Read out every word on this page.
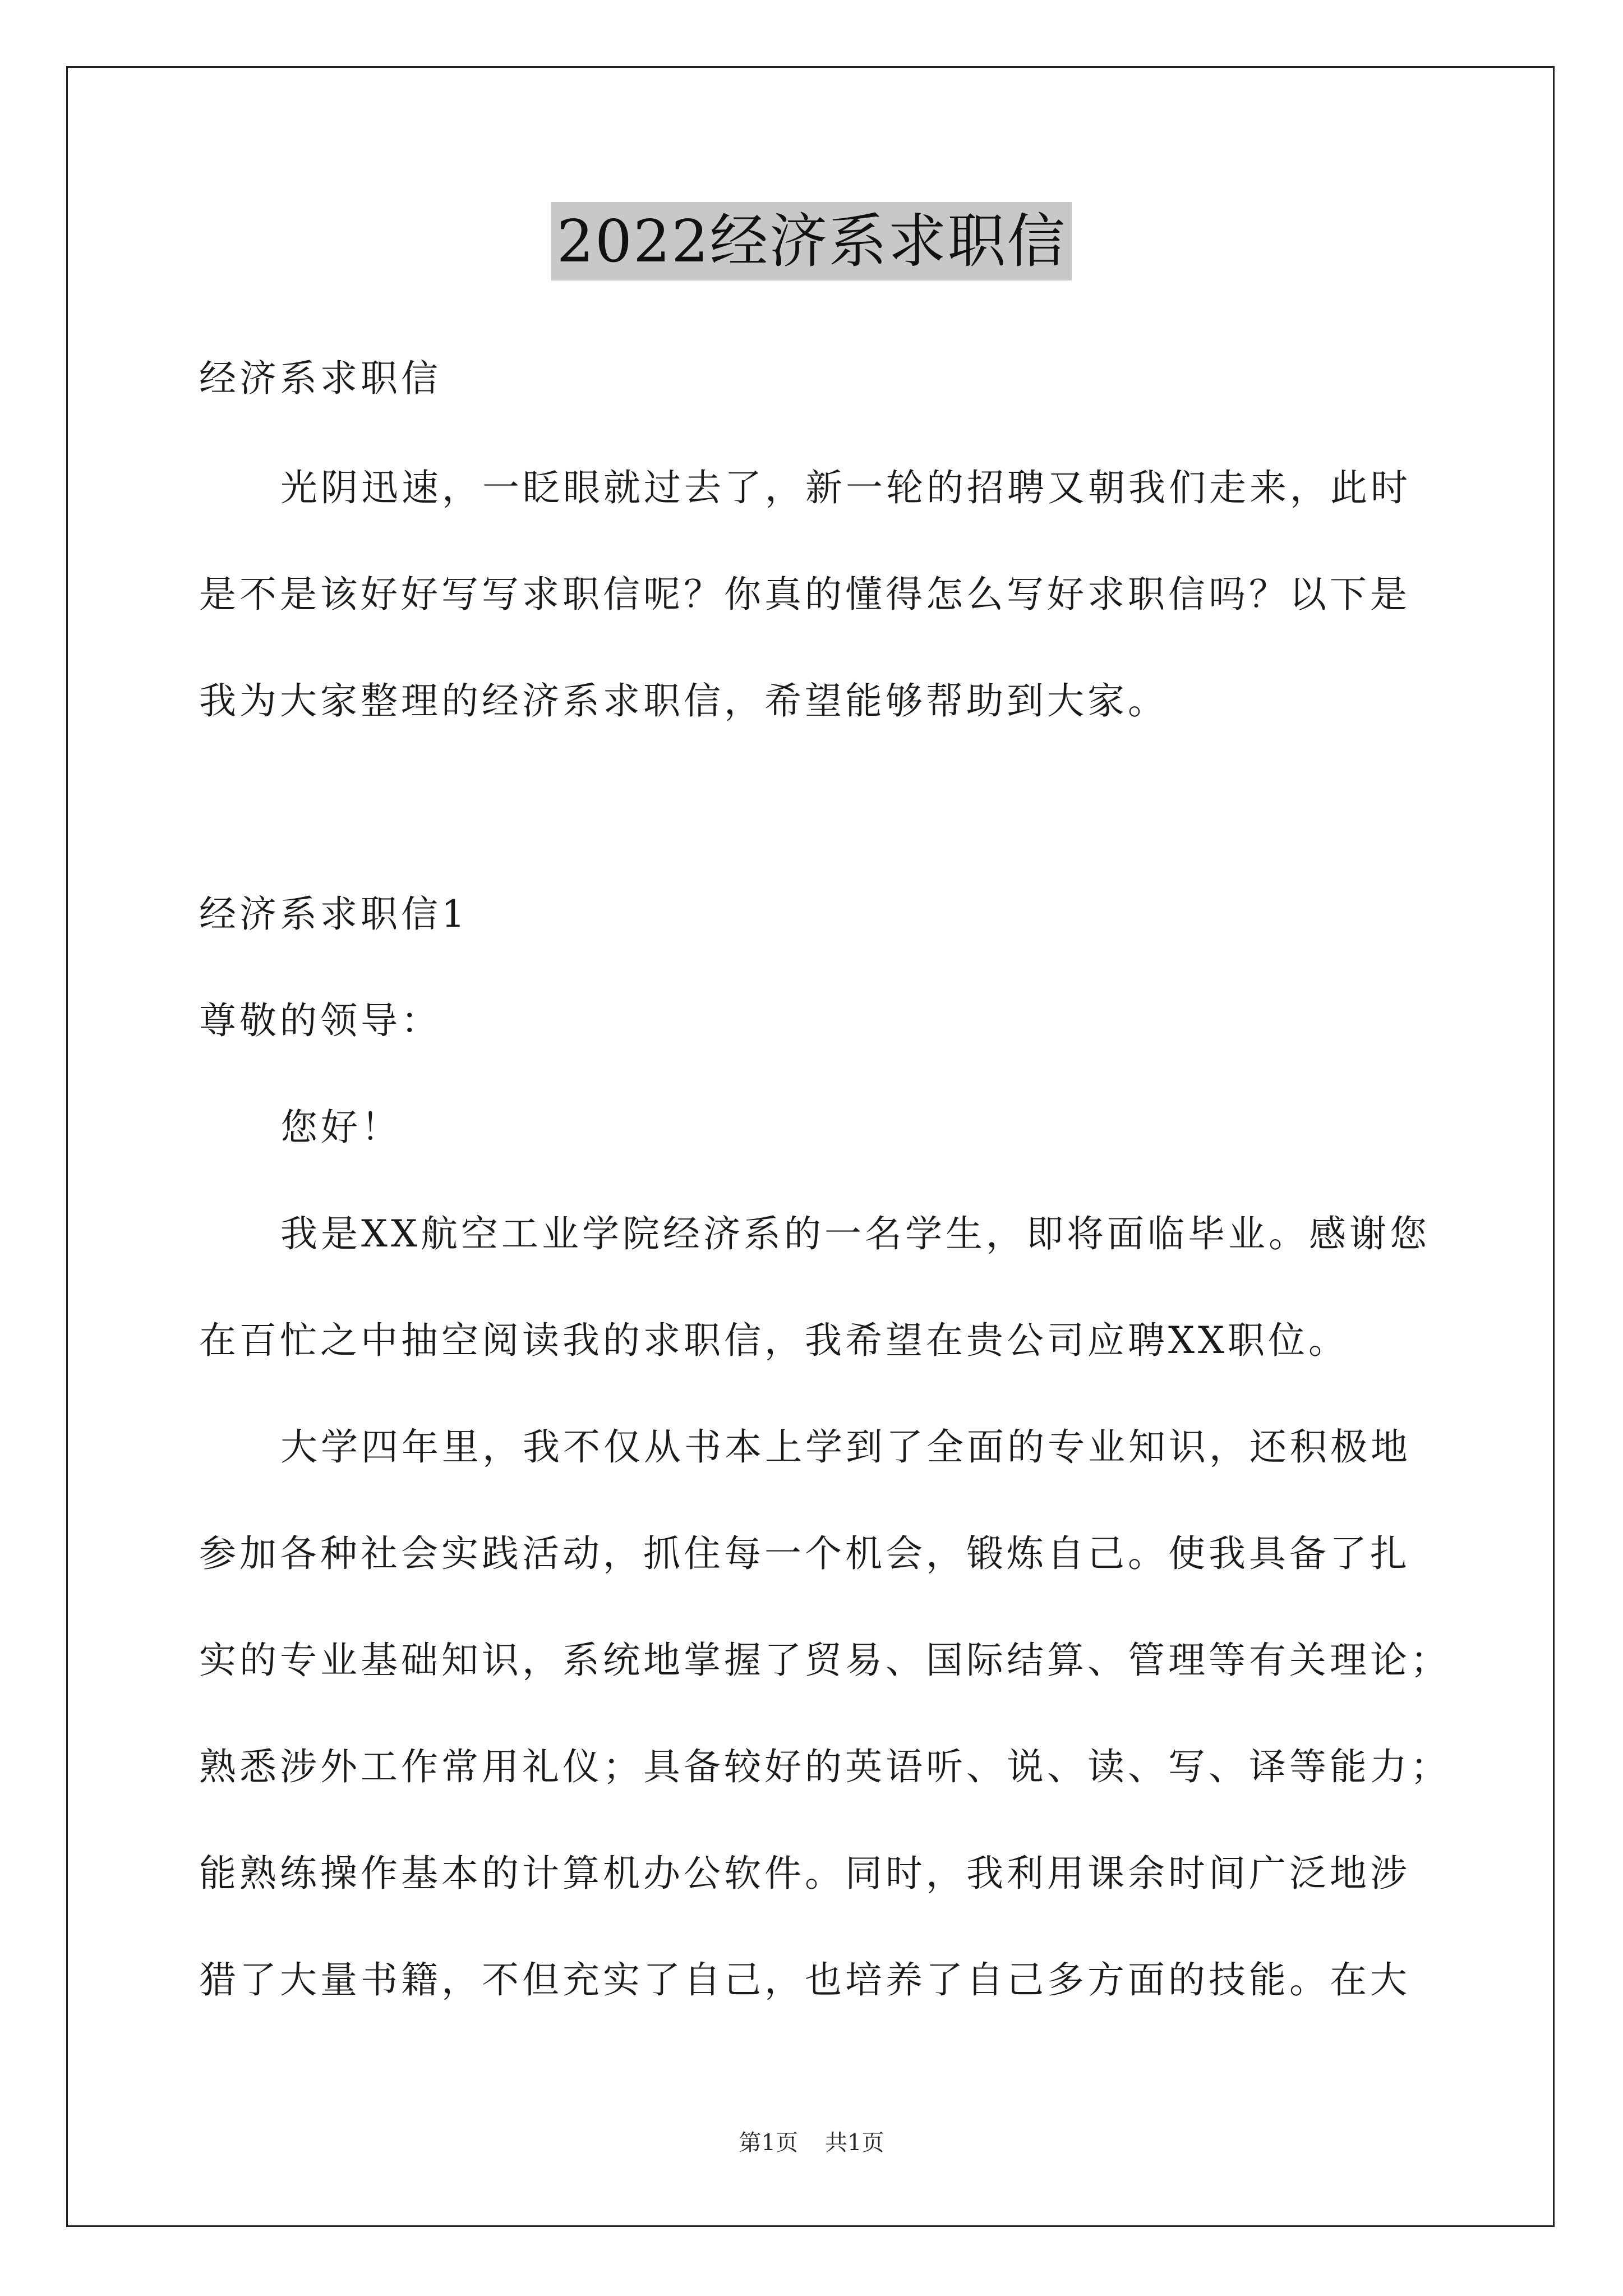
2022经济系求职信
经济系求职信
光阴迅速，一眨眼就过去了，新一轮的招聘又朝我们走来，此时
是不是该好好写写求职信呢？你真的懂得怎么写好求职信吗？以下是
我为大家整理的经济系求职信，希望能够帮助到大家。
经济系求职信1
尊敬的领导：
您好！
我是XX航空工业学院经济系的一名学生，即将面临毕业。感谢您
在百忙之中抽空阅读我的求职信，我希望在贵公司应聘XX职位。
大学四年里，我不仅从书本上学到了全面的专业知识，还积极地
参加各种社会实践活动，抓住每一个机会，锻炼自己。使我具备了扎
实的专业基础知识，系统地掌握了贸易、国际结算、管理等有关理论；
熟悉涉外工作常用礼仪；具备较好的英语听、说、读、写、译等能力；
能熟练操作基本的计算机办公软件。同时，我利用课余时间广泛地涉
猎了大量书籍，不但充实了自己，也培养了自己多方面的技能。在大
第1页 共1页
